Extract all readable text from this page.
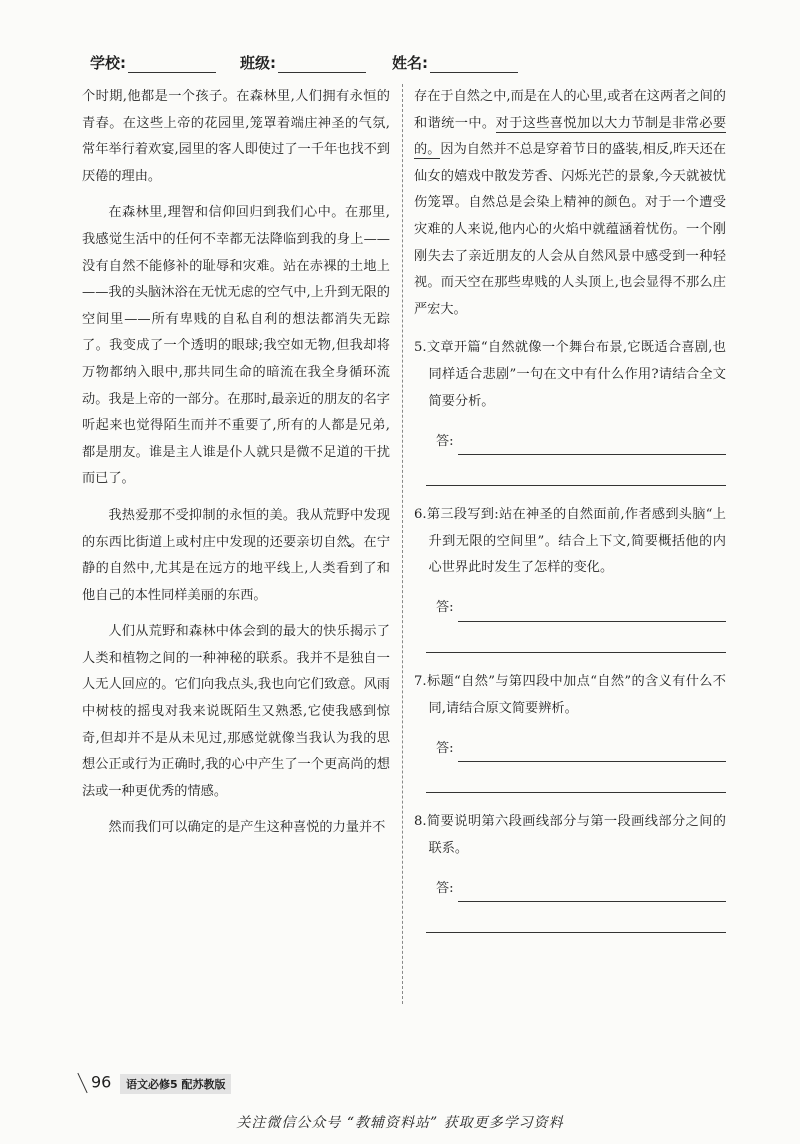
学校:	班级:	姓名:

个时期,他都是一个孩子。在森林里,人们拥有永恒的青春。在这些上帝的花园里,笼罩着端庄神圣的气氛,常年举行着欢宴,园里的客人即使过了一千年也找不到厌倦的理由。

在森林里,理智和信仰回归到我们心中。在那里,我感觉生活中的任何不幸都无法降临到我的身上——没有自然不能修补的耻辱和灾难。站在赤裸的土地上——我的头脑沐浴在无忧无虑的空气中,上升到无限的空间里——所有卑贱的自私自利的想法都消失无踪了。我变成了一个透明的眼球;我空如无物,但我却将万物都纳入眼中,那共同生命的暗流在我全身循环流动。我是上帝的一部分。在那时,最亲近的朋友的名字听起来也觉得陌生而并不重要了,所有的人都是兄弟,都是朋友。谁是主人谁是仆人就只是微不足道的干扰而已了。

我热爱那不受抑制的永恒的美。我从荒野中发现的东西比街道上或村庄中发现的还要亲切自然。在宁静的自然中,尤其是在远方的地平线上,人类看到了和他自己的本性同样美丽的东西。

人们从荒野和森林中体会到的最大的快乐揭示了人类和植物之间的一种神秘的联系。我并不是独自一人无人回应的。它们向我点头,我也向它们致意。风雨中树枝的摇曳对我来说既陌生又熟悉,它使我感到惊奇,但却并不是从未见过,那感觉就像当我认为我的思想公正或行为正确时,我的心中产生了一个更高尚的想法或一种更优秀的情感。

然而我们可以确定的是产生这种喜悦的力量并不

存在于自然之中,而是在人的心里,或者在这两者之间的和谐统一中。对于这些喜悦加以大力节制是非常必要的。因为自然并不总是穿着节日的盛装,相反,昨天还在仙女的嬉戏中散发芳香、闪烁光芒的景象,今天就被忧伤笼罩。自然总是会染上精神的颜色。对于一个遭受灾难的人来说,他内心的火焰中就蕴涵着忧伤。一个刚刚失去了亲近朋友的人会从自然风景中感受到一种轻视。而天空在那些卑贱的人头顶上,也会显得不那么庄严宏大。

5.文章开篇“自然就像一个舞台布景,它既适合喜剧,也同样适合悲剧”一句在文中有什么作用?请结合全文简要分析。

答:

6.第三段写到:站在神圣的自然面前,作者感到头脑“上升到无限的空间里”。结合上下文,简要概括他的内心世界此时发生了怎样的变化。

答:

7.标题“自然”与第四段中加点“自然”的含义有什么不同,请结合原文简要辨析。

答:

8.简要说明第六段画线部分与第一段画线部分之间的联系。

答:
96	语文必修5 配苏教版
关注微信公众号 “教辅资料站” 获取更多学习资料
